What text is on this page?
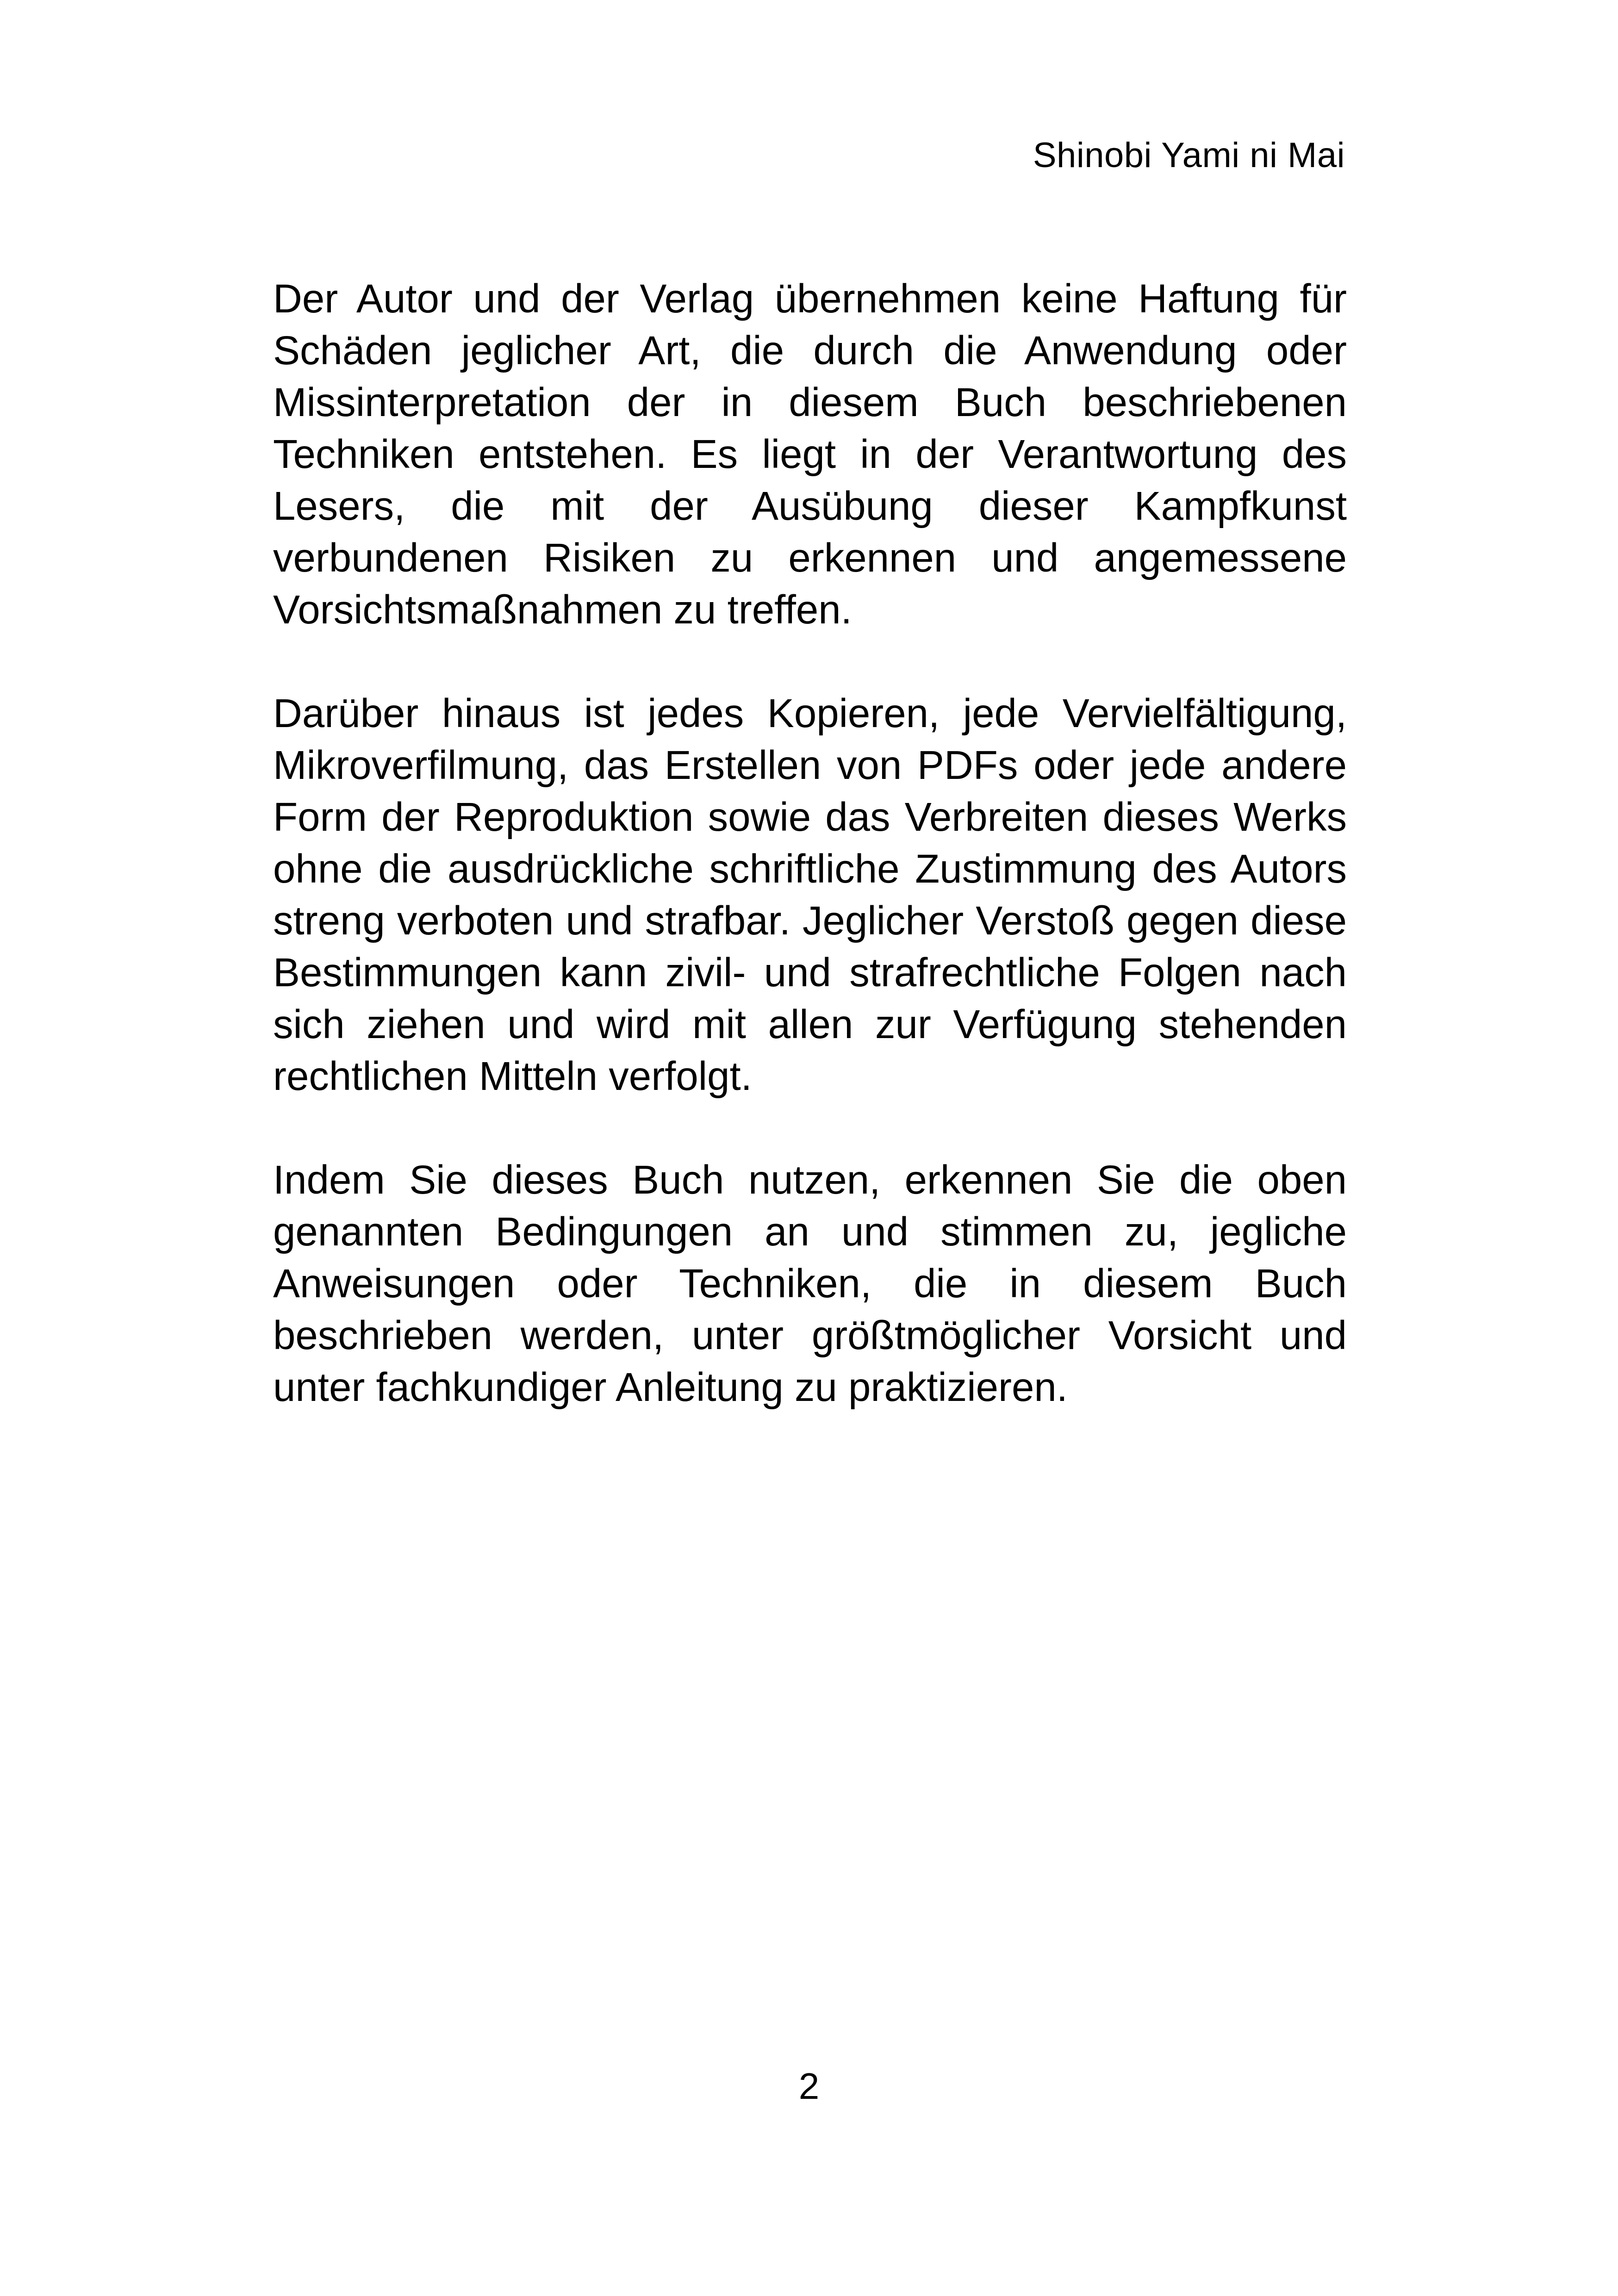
Shinobi Yami ni Mai

Der Autor und der Verlag übernehmen keine Haftung für Schäden jeglicher Art, die durch die Anwendung oder Missinterpretation der in diesem Buch beschriebenen Techniken entstehen. Es liegt in der Verantwortung des Lesers, die mit der Ausübung dieser Kampfkunst verbundenen Risiken zu erkennen und angemessene Vorsichtsmaßnahmen zu treffen.

Darüber hinaus ist jedes Kopieren, jede Vervielfältigung, Mikroverfilmung, das Erstellen von PDFs oder jede andere Form der Reproduktion sowie das Verbreiten dieses Werks ohne die ausdrückliche schriftliche Zustimmung des Autors streng verboten und strafbar. Jeglicher Verstoß gegen diese Bestimmungen kann zivil- und strafrechtliche Folgen nach sich ziehen und wird mit allen zur Verfügung stehenden rechtlichen Mitteln verfolgt.

Indem Sie dieses Buch nutzen, erkennen Sie die oben genannten Bedingungen an und stimmen zu, jegliche Anweisungen oder Techniken, die in diesem Buch beschrieben werden, unter größtmöglicher Vorsicht und unter fachkundiger Anleitung zu praktizieren.

2
